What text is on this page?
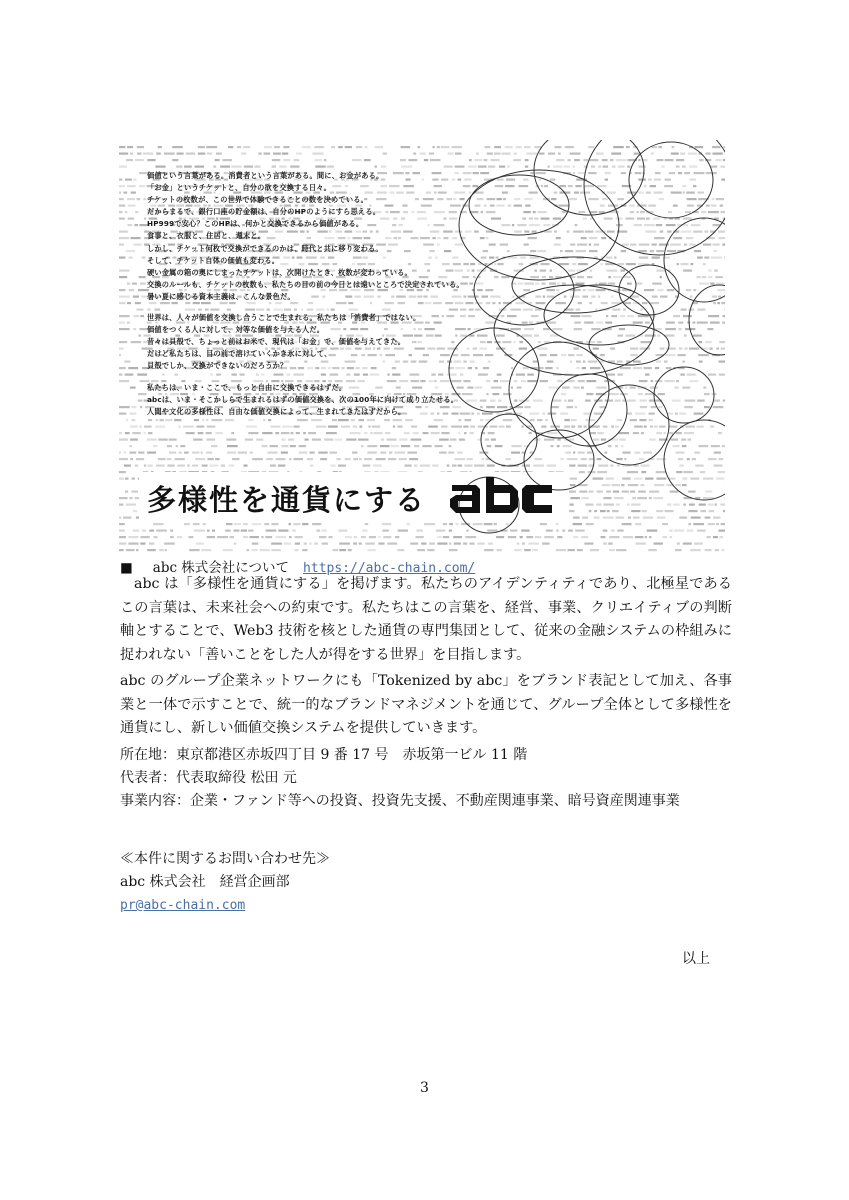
価値という言葉がある。消費者という言葉がある。間に、お金がある。
「お金」というチケットと、自分の欲を交換する日々。
チケットの枚数が、この世界で体験できることの数を決めている。
だからまるで、銀行口座の貯金額は、自分のHPのようにすら思える。
HP999で安心？このHPは、何かと交換できるから価値がある。
食事と、衣服と、住居と、週末と。
しかし、チケット何枚で交換ができるのかは、時代と共に移り変わる。
そして、チケット自体の価値も変わる。
硬い金属の箱の奥にしまったチケットは、次開けたとき、枚数が変わっている。
交換のルールも、チケットの枚数も、私たちの目の前の今日とは遠いところで決定されている。
暑い夏に感じる資本主義は、こんな景色だ。
世界は、人々が価値を交換し合うことで生まれる。私たちは「消費者」ではない。
価値をつくる人に対して、対等な価値を与える人だ。
昔々は貝殻で、ちょっと前はお米で、現代は「お金」で、価値を与えてきた。
だけど私たちは、目の前で溶けていくかき氷に対して、
貝殻でしか、交換ができないのだろうか？
私たちは、いま・ここで、もっと自由に交換できるはずだ。
abcは、いま・そこかしらで生まれるはずの価値交換を、次の100年に向けて成り立たせる。
人間や文化の多様性は、自由な価値交換によって、生まれてきたはずだから。
多様性を通貨にする
■ abc 株式会社について https://abc-chain.com/

abc は「多様性を通貨にする」を掲げます。私たちのアイデンティティであり、北極星であるこの言葉は、未来社会への約束です。私たちはこの言葉を、経営、事業、クリエイティブの判断軸とすることで、Web3 技術を核とした通貨の専門集団として、従来の金融システムの枠組みに捉われない「善いことをした人が得をする世界」を目指します。

abc のグループ企業ネットワークにも「Tokenized by abc」をブランド表記として加え、各事業と一体で示すことで、統一的なブランドマネジメントを通じて、グループ全体として多様性を通貨にし、新しい価値交換システムを提供していきます。

所在地：東京都港区赤坂四丁目 9 番 17 号　赤坂第一ビル 11 階
代表者：代表取締役 松田 元
事業内容：企業・ファンド等への投資、投資先支援、不動産関連事業、暗号資産関連事業
≪本件に関するお問い合わせ先≫
abc 株式会社　経営企画部
pr@abc-chain.com
以上
3
